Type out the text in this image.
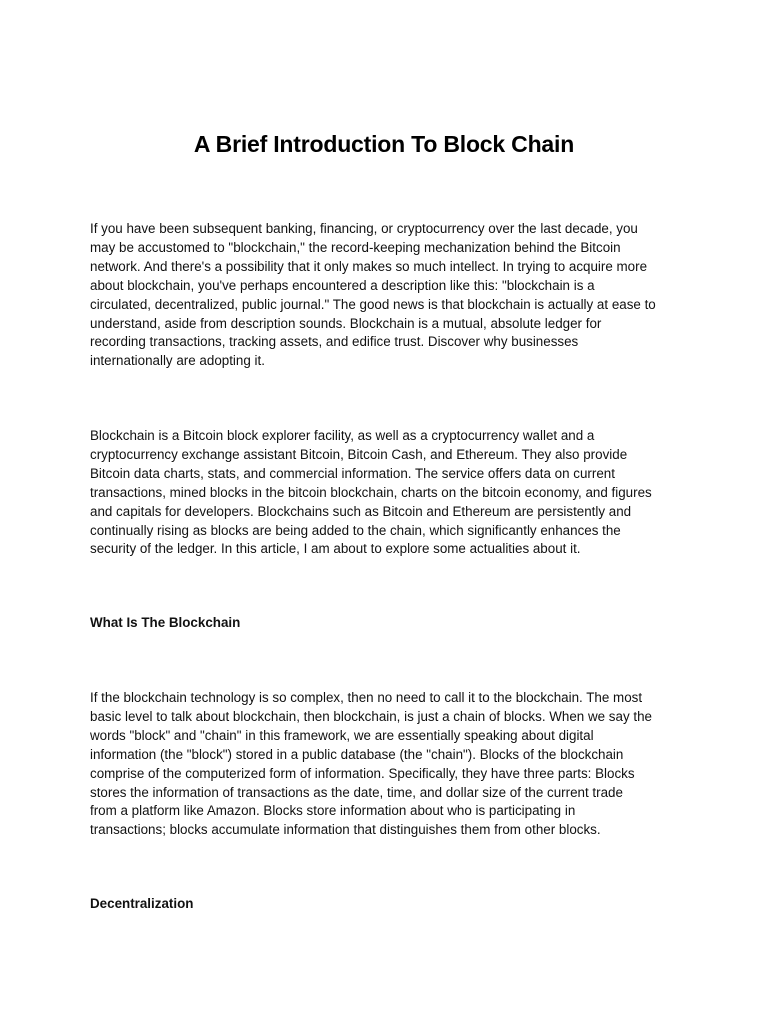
A Brief Introduction To Block Chain

If you have been subsequent banking, financing, or cryptocurrency over the last decade, you
may be accustomed to "blockchain," the record-keeping mechanization behind the Bitcoin
network. And there's a possibility that it only makes so much intellect. In trying to acquire more
about blockchain, you've perhaps encountered a description like this: "blockchain is a
circulated, decentralized, public journal." The good news is that blockchain is actually at ease to
understand, aside from description sounds. Blockchain is a mutual, absolute ledger for
recording transactions, tracking assets, and edifice trust. Discover why businesses
internationally are adopting it.

Blockchain is a Bitcoin block explorer facility, as well as a cryptocurrency wallet and a
cryptocurrency exchange assistant Bitcoin, Bitcoin Cash, and Ethereum. They also provide
Bitcoin data charts, stats, and commercial information. The service offers data on current
transactions, mined blocks in the bitcoin blockchain, charts on the bitcoin economy, and figures
and capitals for developers. Blockchains such as Bitcoin and Ethereum are persistently and
continually rising as blocks are being added to the chain, which significantly enhances the
security of the ledger. In this article, I am about to explore some actualities about it.

What Is The Blockchain

If the blockchain technology is so complex, then no need to call it to the blockchain. The most
basic level to talk about blockchain, then blockchain, is just a chain of blocks. When we say the
words "block" and "chain" in this framework, we are essentially speaking about digital
information (the "block") stored in a public database (the "chain"). Blocks of the blockchain
comprise of the computerized form of information. Specifically, they have three parts: Blocks
stores the information of transactions as the date, time, and dollar size of the current trade
from a platform like Amazon. Blocks store information about who is participating in
transactions; blocks accumulate information that distinguishes them from other blocks.

Decentralization
